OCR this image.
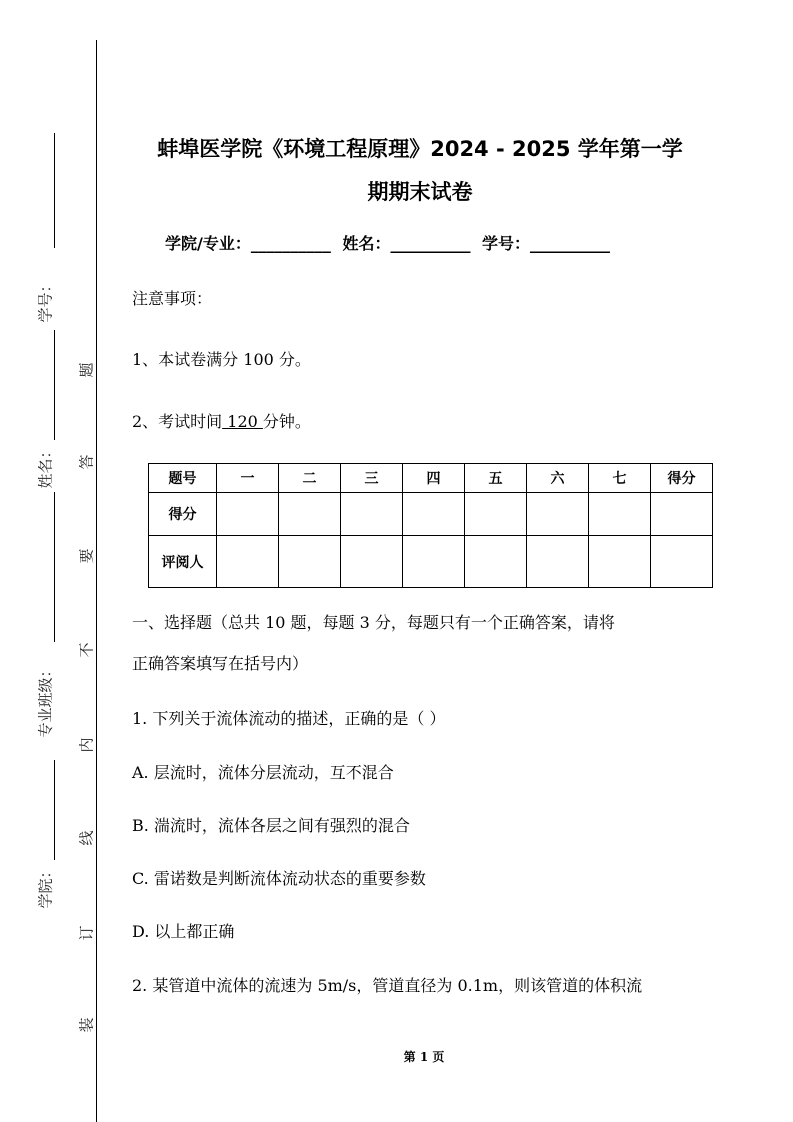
学号：
姓名：
专业班级：
学院：
题
答
要
不
内
线
订
装
蚌埠医学院《环境工程原理》2024 - 2025 学年第一学
期期末试卷
学院/专业：__________ 姓名：__________ 学号：__________
注意事项：
1、本试卷满分 100 分。
2、考试时间 120 分钟。
题号	一	二	三	四	五	六	七	得分
得分								
评阅人								
一、选择题（总共 10 题，每题 3 分，每题只有一个正确答案，请将
正确答案填写在括号内）
1. 下列关于流体流动的描述，正确的是（ ）
A. 层流时，流体分层流动，互不混合
B. 湍流时，流体各层之间有强烈的混合
C. 雷诺数是判断流体流动状态的重要参数
D. 以上都正确
2. 某管道中流体的流速为 5m/s，管道直径为 0.1m，则该管道的体积流
第 1 页
